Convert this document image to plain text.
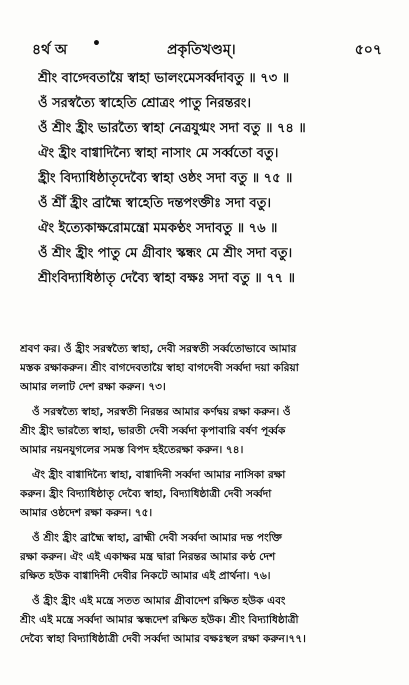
৪র্থ অ •	প্রকৃতিখণ্ডম্।	৫০৭
শ্রীং বাগ্দেবতায়ৈ স্বাহা ভালংমেসর্ব্বদাবতু ॥ ৭৩ ॥
ওঁ সরস্বত্যৈ স্বাহেতি শ্রোত্রং পাতু নিরন্তরং।
ওঁ শ্রীং হ্রীং ভারত্যৈ স্বাহা নেত্রযুগ্মং সদা বতু ॥ ৭৪ ॥
ঐং হ্রীং বাগ্বাদিন্যৈ স্বাহা নাসাং মে সর্ব্বতো বতু।
হ্রীং বিদ্যাধিষ্ঠাতৃদেব্যৈ স্বাহা ওষ্ঠং সদা বতু ॥ ৭৫ ॥
ওঁ শ্রীঁ হ্রীং ব্রাহ্মৈ স্বাহেতি দন্তপংক্তীঃ সদা বতু।
ঐং ইত্যেকাক্ষরোমন্ত্রো মমকণ্ঠং সদাবতু ॥ ৭৬ ॥
ওঁ শ্রীং হ্রীং পাতু মে গ্রীবাং স্কন্ধং মে শ্রীং সদা বতু।
শ্রীংবিদ্যাধিষ্ঠাতৃ দেব্যৈ স্বাহা বক্ষঃ সদা বতু ॥ ৭৭ ॥
শ্রবণ কর। ওঁ হ্রীং সরস্বত্যৈ স্বাহা, দেবী সরস্বতী সর্ব্বতোভাবে আমার
মস্তক রক্ষাকরুন। শ্রীং বাগদেবতায়ৈ স্বাহা বাগদেবী সর্ব্বদা দয়া করিয়া
আমার ললাট দেশ রক্ষা করুন। ৭৩।
ওঁ সরস্বত্যৈ স্বাহা, সরস্বতী নিরন্তর আমার কর্ণদ্বয় রক্ষা করুন। ওঁ
শ্রীং হ্রীং ভারত্যৈ স্বাহা, ভারতী দেবী সর্ব্বদা কৃপাবারি বর্ষণ পূর্ব্বক
আমার নয়নযুগলের সমস্ত বিপদ হইতেরক্ষা করুন। ৭৪।
ঐং হ্রীং বাগ্বাদিন্যৈ স্বাহা, বাগ্বাদিনী সর্ব্বদা আমার নাসিকা রক্ষা
করুন। হ্রীং বিদ্যাধিষ্ঠাতৃ দেব্যৈ স্বাহা, বিদ্যাধিষ্ঠাত্রী দেবী সর্ব্বদা
আমার ওষ্ঠদেশ রক্ষা করুন। ৭৫।
ওঁ শ্রীং হ্রীং ব্রাহ্মৈ স্বাহা, ব্রাহ্মী দেবী সর্ব্বদা আমার দন্ত পংক্তি
রক্ষা করুন। ঐং এই একাক্ষর মন্ত্র দ্বারা নিরন্তর আমার কণ্ঠ দেশ
রক্ষিত হউক বাগ্বাদিনী দেবীর নিকটে আমার এই প্রার্থনা। ৭৬।
ওঁ হ্রীং হ্রীং এই মন্ত্রে সতত আমার গ্রীবাদেশ রক্ষিত হউক এবং
শ্রীং এই মন্ত্রে সর্ব্বদা আমার স্কন্ধদেশ রক্ষিত হউক। শ্রীং বিদ্যাধিষ্ঠাত্রী
দেব্যৈ স্বাহা বিদ্যাধিষ্ঠাত্রী দেবী সর্ব্বদা আমার বক্ষঃস্থল রক্ষা করুন।৭৭।
